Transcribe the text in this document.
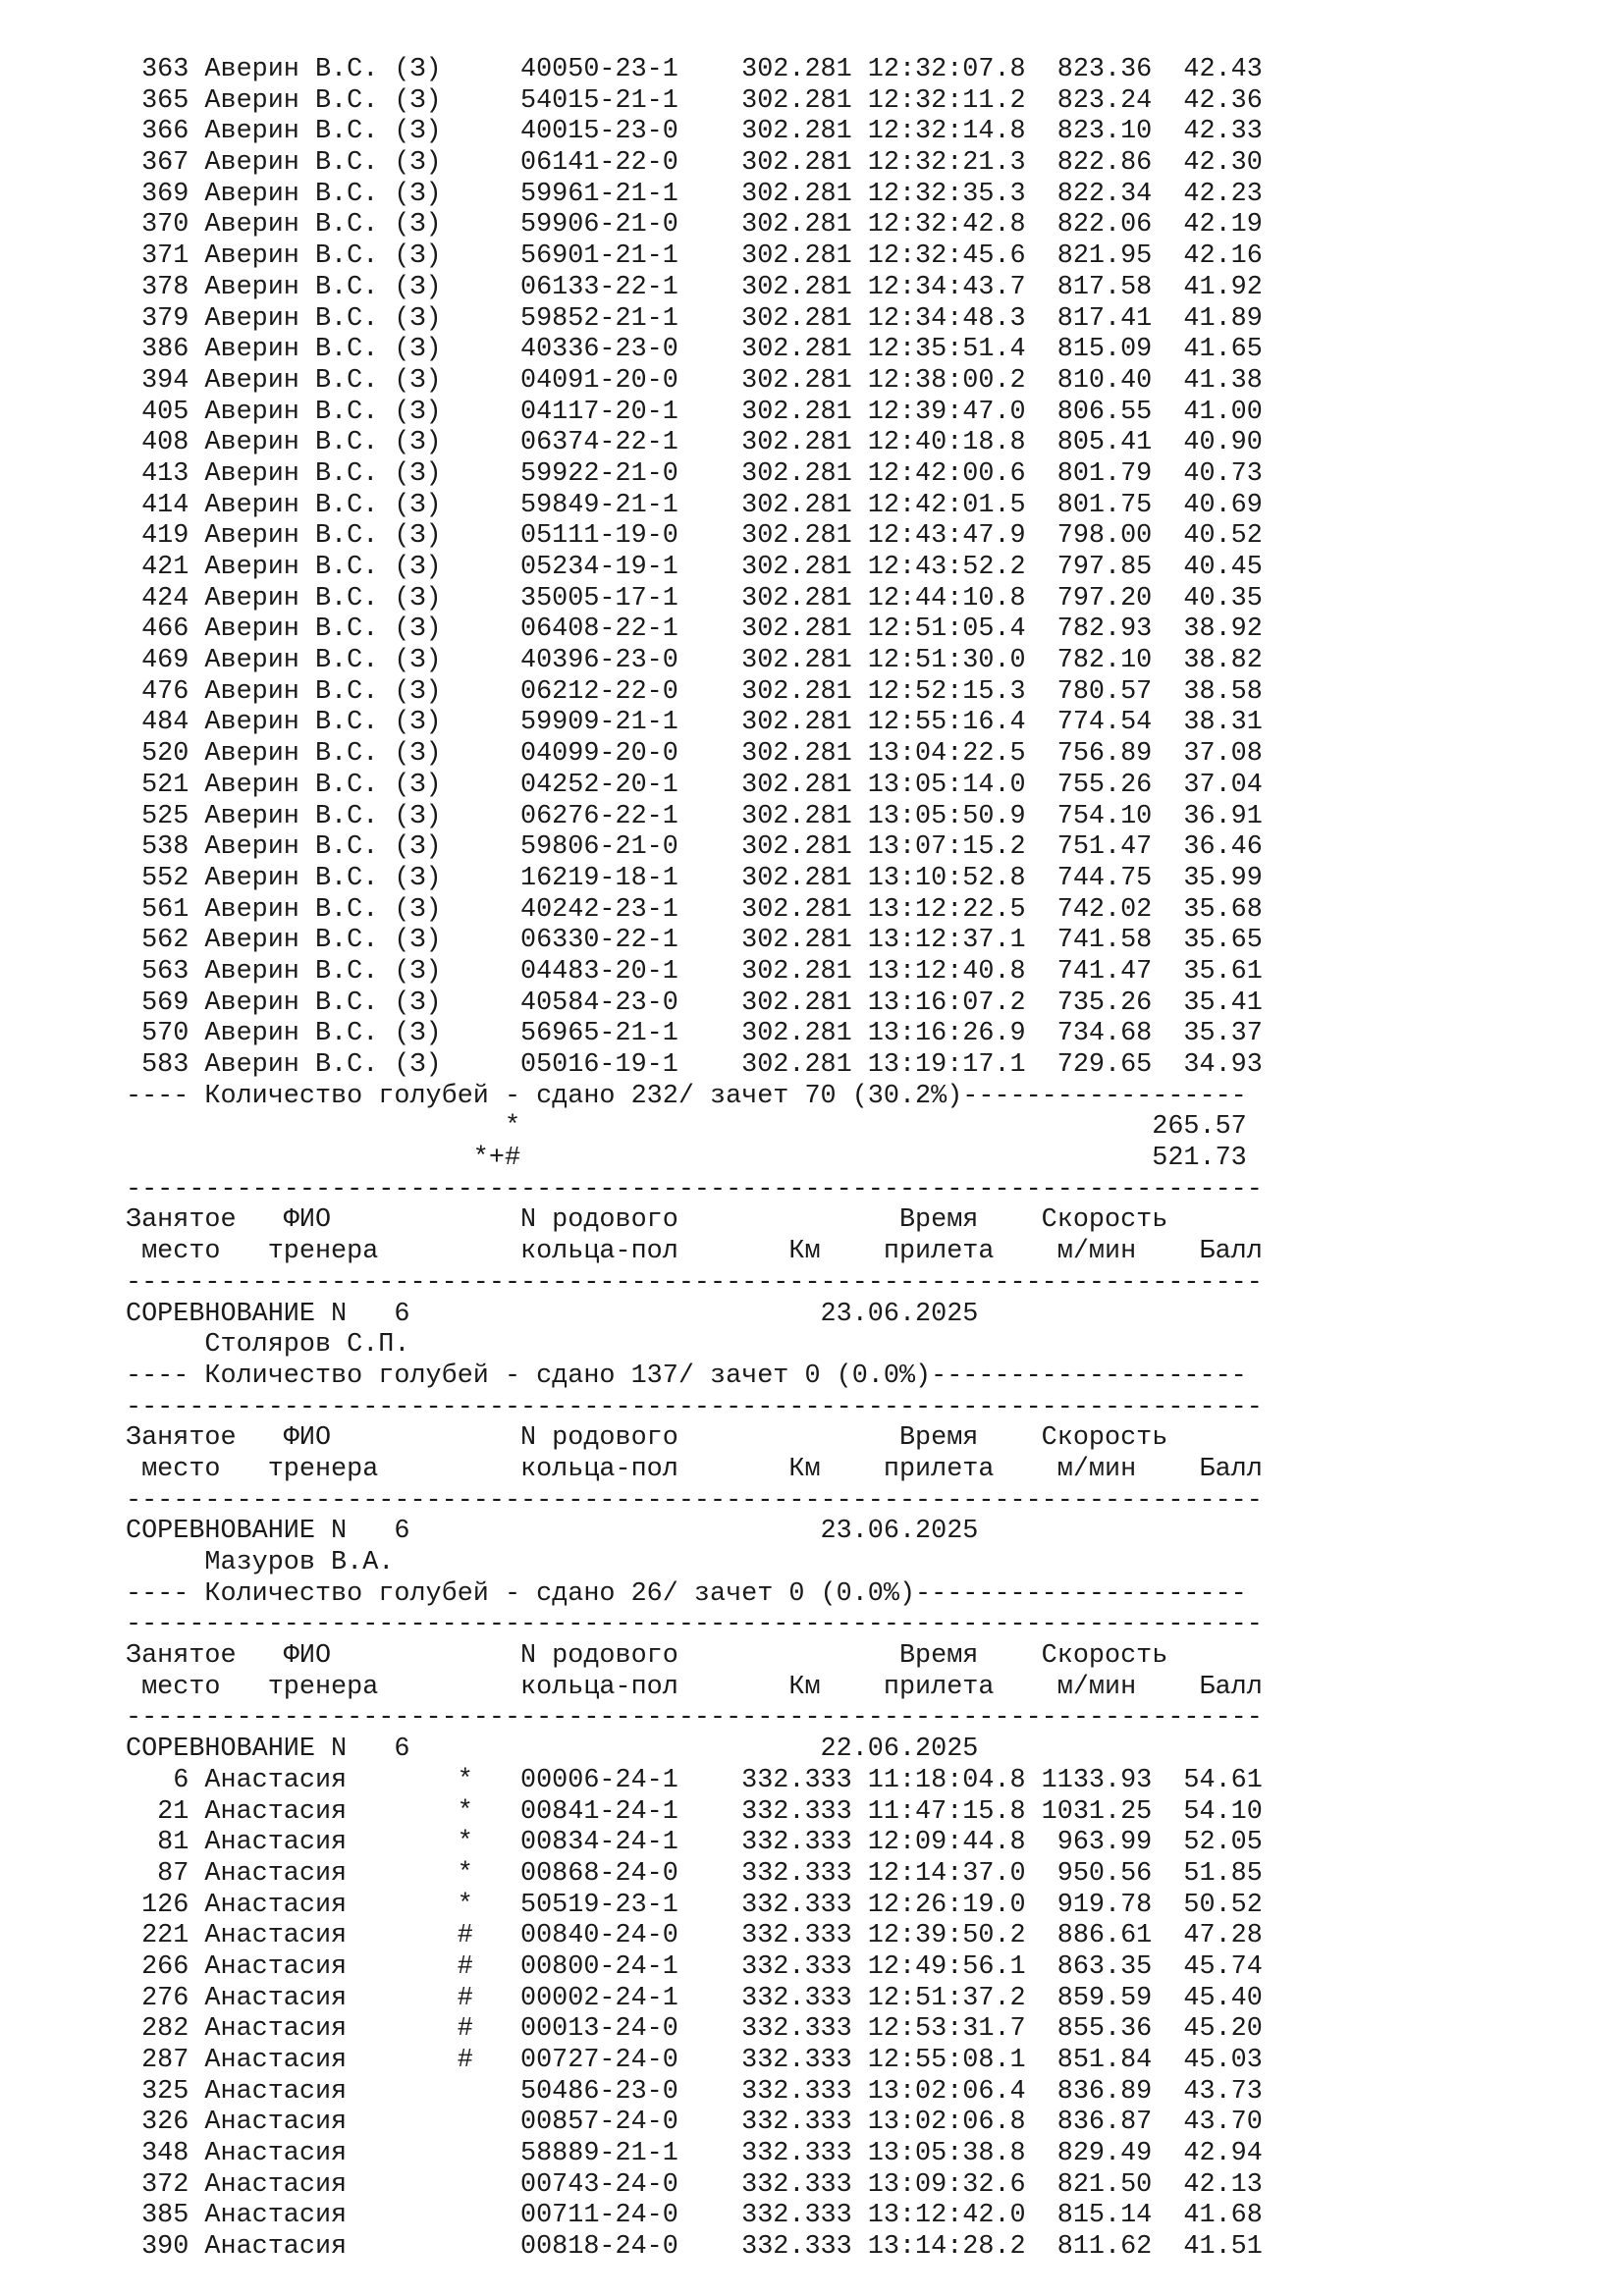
363 Аверин В.С. (З)     40050-23-1    302.281 12:32:07.8  823.36  42.43
365 Аверин В.С. (З)     54015-21-1    302.281 12:32:11.2  823.24  42.36
366 Аверин В.С. (З)     40015-23-0    302.281 12:32:14.8  823.10  42.33
367 Аверин В.С. (З)     06141-22-0    302.281 12:32:21.3  822.86  42.30
369 Аверин В.С. (З)     59961-21-1    302.281 12:32:35.3  822.34  42.23
370 Аверин В.С. (З)     59906-21-0    302.281 12:32:42.8  822.06  42.19
371 Аверин В.С. (З)     56901-21-1    302.281 12:32:45.6  821.95  42.16
378 Аверин В.С. (З)     06133-22-1    302.281 12:34:43.7  817.58  41.92
379 Аверин В.С. (З)     59852-21-1    302.281 12:34:48.3  817.41  41.89
386 Аверин В.С. (З)     40336-23-0    302.281 12:35:51.4  815.09  41.65
394 Аверин В.С. (З)     04091-20-0    302.281 12:38:00.2  810.40  41.38
405 Аверин В.С. (З)     04117-20-1    302.281 12:39:47.0  806.55  41.00
408 Аверин В.С. (З)     06374-22-1    302.281 12:40:18.8  805.41  40.90
413 Аверин В.С. (З)     59922-21-0    302.281 12:42:00.6  801.79  40.73
414 Аверин В.С. (З)     59849-21-1    302.281 12:42:01.5  801.75  40.69
419 Аверин В.С. (З)     05111-19-0    302.281 12:43:47.9  798.00  40.52
421 Аверин В.С. (З)     05234-19-1    302.281 12:43:52.2  797.85  40.45
424 Аверин В.С. (З)     35005-17-1    302.281 12:44:10.8  797.20  40.35
466 Аверин В.С. (З)     06408-22-1    302.281 12:51:05.4  782.93  38.92
469 Аверин В.С. (З)     40396-23-0    302.281 12:51:30.0  782.10  38.82
476 Аверин В.С. (З)     06212-22-0    302.281 12:52:15.3  780.57  38.58
484 Аверин В.С. (З)     59909-21-1    302.281 12:55:16.4  774.54  38.31
520 Аверин В.С. (З)     04099-20-0    302.281 13:04:22.5  756.89  37.08
521 Аверин В.С. (З)     04252-20-1    302.281 13:05:14.0  755.26  37.04
525 Аверин В.С. (З)     06276-22-1    302.281 13:05:50.9  754.10  36.91
538 Аверин В.С. (З)     59806-21-0    302.281 13:07:15.2  751.47  36.46
552 Аверин В.С. (З)     16219-18-1    302.281 13:10:52.8  744.75  35.99
561 Аверин В.С. (З)     40242-23-1    302.281 13:12:22.5  742.02  35.68
562 Аверин В.С. (З)     06330-22-1    302.281 13:12:37.1  741.58  35.65
563 Аверин В.С. (З)     04483-20-1    302.281 13:12:40.8  741.47  35.61
569 Аверин В.С. (З)     40584-23-0    302.281 13:16:07.2  735.26  35.41
570 Аверин В.С. (З)     56965-21-1    302.281 13:16:26.9  734.68  35.37
583 Аверин В.С. (З)     05016-19-1    302.281 13:19:17.1  729.65  34.93
---- Количество голубей - сдано 232/ зачет 70 (30.2%)------------------
*                                        265.57
*+#                                        521.73
------------------------------------------------------------------------
Занятое   ФИО            N родового              Время    Скорость
место   тренера         кольца-пол       Км    прилета    м/мин    Балл
------------------------------------------------------------------------
СОРЕВНОВАНИЕ N   6                          23.06.2025
Столяров С.П.
---- Количество голубей - сдано 137/ зачет 0 (0.0%)--------------------
------------------------------------------------------------------------
Занятое   ФИО            N родового              Время    Скорость
место   тренера         кольца-пол       Км    прилета    м/мин    Балл
------------------------------------------------------------------------
СОРЕВНОВАНИЕ N   6                          23.06.2025
Мазуров В.А.
---- Количество голубей - сдано 26/ зачет 0 (0.0%)---------------------
------------------------------------------------------------------------
Занятое   ФИО            N родового              Время    Скорость
место   тренера         кольца-пол       Км    прилета    м/мин    Балл
------------------------------------------------------------------------
СОРЕВНОВАНИЕ N   6                          22.06.2025
6 Анастасия       *   00006-24-1    332.333 11:18:04.8 1133.93  54.61
21 Анастасия       *   00841-24-1    332.333 11:47:15.8 1031.25  54.10
81 Анастасия       *   00834-24-1    332.333 12:09:44.8  963.99  52.05
87 Анастасия       *   00868-24-0    332.333 12:14:37.0  950.56  51.85
126 Анастасия       *   50519-23-1    332.333 12:26:19.0  919.78  50.52
221 Анастасия       #   00840-24-0    332.333 12:39:50.2  886.61  47.28
266 Анастасия       #   00800-24-1    332.333 12:49:56.1  863.35  45.74
276 Анастасия       #   00002-24-1    332.333 12:51:37.2  859.59  45.40
282 Анастасия       #   00013-24-0    332.333 12:53:31.7  855.36  45.20
287 Анастасия       #   00727-24-0    332.333 12:55:08.1  851.84  45.03
325 Анастасия           50486-23-0    332.333 13:02:06.4  836.89  43.73
326 Анастасия           00857-24-0    332.333 13:02:06.8  836.87  43.70
348 Анастасия           58889-21-1    332.333 13:05:38.8  829.49  42.94
372 Анастасия           00743-24-0    332.333 13:09:32.6  821.50  42.13
385 Анастасия           00711-24-0    332.333 13:12:42.0  815.14  41.68
390 Анастасия           00818-24-0    332.333 13:14:28.2  811.62  41.51
